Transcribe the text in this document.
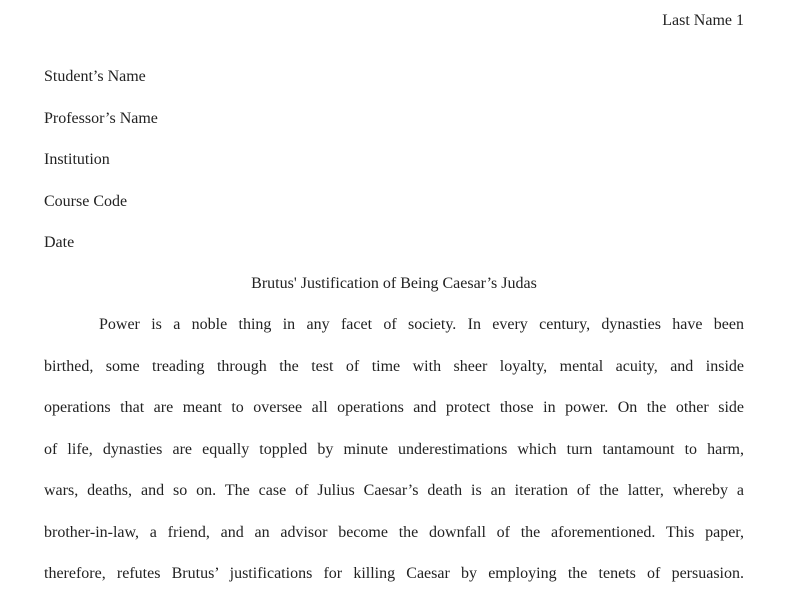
Last Name 1
Student’s Name
Professor’s Name
Institution
Course Code
Date
Brutus' Justification of Being Caesar’s Judas
Power is a noble thing in any facet of society. In every century, dynasties have been
birthed, some treading through the test of time with sheer loyalty, mental acuity, and inside
operations that are meant to oversee all operations and protect those in power. On the other side
of life, dynasties are equally toppled by minute underestimations which turn tantamount to harm,
wars, deaths, and so on. The case of Julius Caesar’s death is an iteration of the latter, whereby a
brother-in-law, a friend, and an advisor become the downfall of the aforementioned. This paper,
therefore, refutes Brutus’ justifications for killing Caesar by employing the tenets of persuasion.
